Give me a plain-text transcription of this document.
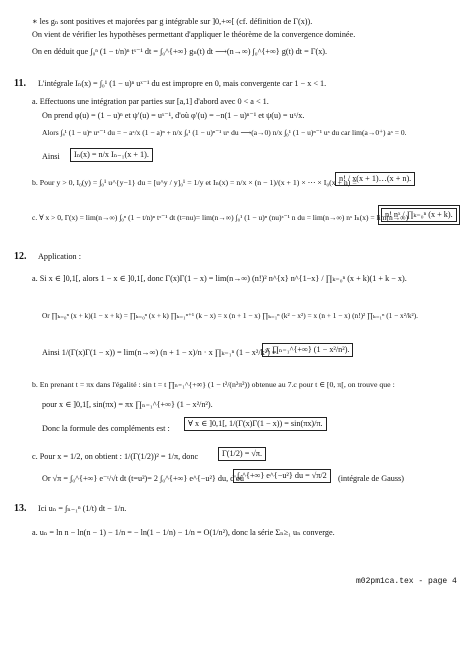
∗ les gₙ sont positives et majorées par g intégrable sur ]0,+∞[ (cf. définition de Γ(x)).
On vient de vérifier les hypothèses permettant d'appliquer le théorème de la convergence dominée.
On en déduit que ∫₀ⁿ (1 − t/n)ⁿ tˣ⁻¹ dt = ∫₀^{+∞} gₙ(t) dt ⟶(n→∞) ∫₀^{+∞} g(t) dt = Γ(x).
11. L'intégrale Iₙ(x) = ∫₀¹ (1 − u)ⁿ uˣ⁻¹ du est impropre en 0, mais convergente car 1 − x < 1.
a. Effectuons une intégration par parties sur [a,1] d'abord avec 0 < a < 1.
On prend φ(u) = (1 − u)ⁿ et ψ′(u) = uˣ⁻¹, d'où φ′(u) = −n(1 − u)ⁿ⁻¹ et ψ(u) = uˣ/x.
Alors ∫ₐ¹ (1 − u)ⁿ uˣ⁻¹ du = − aˣ/x (1 − a)ⁿ + n/x ∫ₐ¹ (1 − u)ⁿ⁻¹ uˣ du ⟶(a→0) n/x ∫₀¹ (1 − u)ⁿ⁻¹ uˣ du car lim(a→0⁺) aˣ = 0.
Ainsi	Iₙ(x) = n/x Iₙ₋₁(x + 1).
b. Pour y > 0, I₀(y) = ∫₀¹ u^{y−1} du = [u^y / y]₀¹ = 1/y et Iₙ(x) = n/x × (n − 1)/(x + 1) × ⋯ × I₀(x + n) =
n! / x(x + 1)…(x + n).
c. ∀ x > 0, Γ(x) = lim(n→∞) ∫₀ⁿ (1 − t/n)ⁿ tˣ⁻¹ dt (t=nu)= lim(n→∞) ∫₀¹ (1 − u)ⁿ (nu)ˣ⁻¹ n du = lim(n→∞) nˣ Iₙ(x) = lim(n→∞)
n! nˣ / ∏ₖ₌₀ⁿ (x + k).
12. Application :
a. Si x ∈ ]0,1[, alors 1 − x ∈ ]0,1[, donc Γ(x)Γ(1 − x) = lim(n→∞) (n!)² n^{x} n^{1−x} / ∏ₖ₌₀ⁿ (x + k)(1 + k − x).
Or ∏ₖ₌₀ⁿ (x + k)(1 − x + k) = ∏ₖ₌₀ⁿ (x + k) ∏ₖ₌₁ⁿ⁺¹ (k − x) = x (n + 1 − x) ∏ₖ₌₁ⁿ (k² − x²) = x (n + 1 − x) (n!)² ∏ₖ₌₁ⁿ (1 − x²/k²).
Ainsi 1/(Γ(x)Γ(1 − x)) = lim(n→∞) (n + 1 − x)/n · x ∏ₖ₌₁ⁿ (1 − x²/k²) =
x ∏ₙ₌₁^{+∞} (1 − x²/n²).
b. En prenant t = πx dans l'égalité : sin t = t ∏ₙ₌₁^{+∞} (1 − t²/(n²π²)) obtenue au 7.c pour t ∈ [0, π[, on trouve que :
pour x ∈ ]0,1[, sin(πx) = πx ∏ₙ₌₁^{+∞} (1 − x²/n²).
Donc la formule des compléments est :
∀ x ∈ ]0,1[, 1/(Γ(x)Γ(1 − x)) = sin(πx)/π.
c. Pour x = 1/2, on obtient : 1/(Γ(1/2))² = 1/π, donc	Γ(1/2) = √π.
Or √π = ∫₀^{+∞} e⁻ᵗ/√t dt (t=u²)= 2 ∫₀^{+∞} e^{−u²} du, d'où
∫₀^{+∞} e^{−u²} du = √π/2	(intégrale de Gauss)
13. Ici uₙ = ∫ₙ₋₁ⁿ (1/t) dt − 1/n.
a. uₙ = ln n − ln(n − 1) − 1/n = − ln(1 − 1/n) − 1/n = O(1/n²), donc la série Σₙ≥₁ uₙ converge.
m02pm1ca.tex - page 4
